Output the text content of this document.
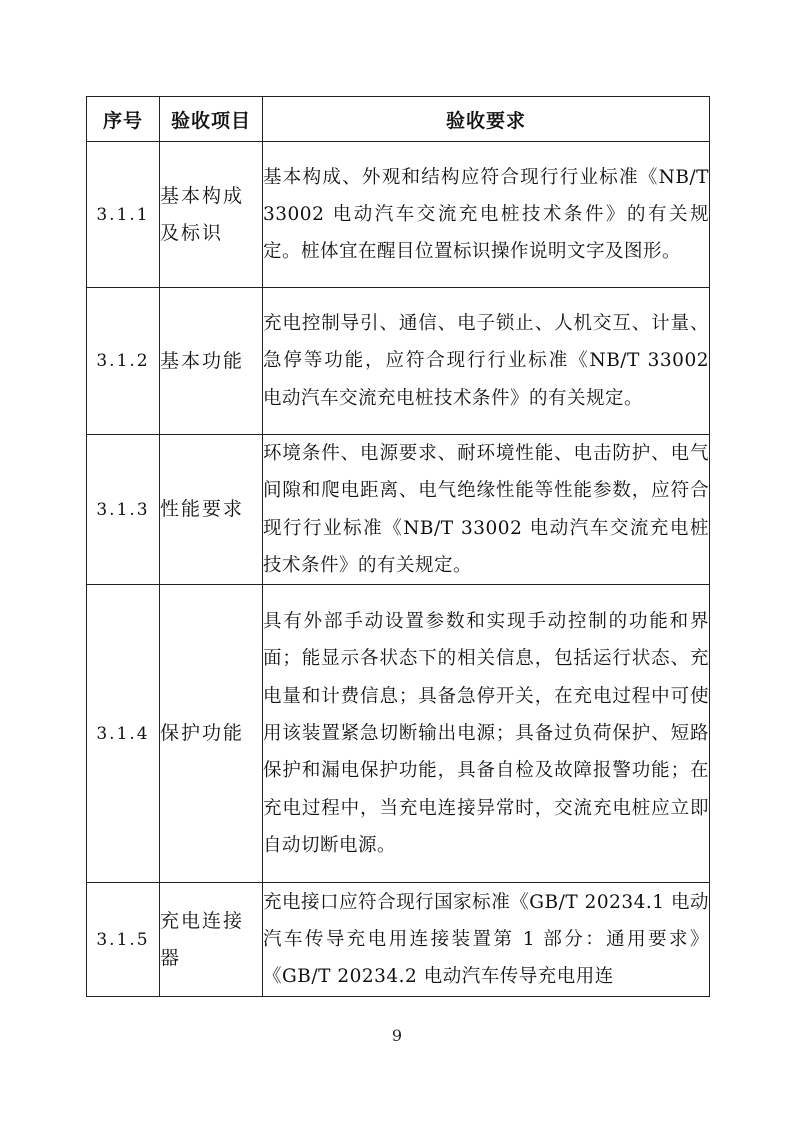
序号	验收项目	验收要求
3.1.1	基本构成及标识	基本构成、外观和结构应符合现行行业标准《NB/T 33002 电动汽车交流充电桩技术条件》的有关规定。桩体宜在醒目位置标识操作说明文字及图形。
3.1.2	基本功能	充电控制导引、通信、电子锁止、人机交互、计量、急停等功能，应符合现行行业标准《NB/T 33002 电动汽车交流充电桩技术条件》的有关规定。
3.1.3	性能要求	环境条件、电源要求、耐环境性能、电击防护、电气间隙和爬电距离、电气绝缘性能等性能参数，应符合现行行业标准《NB/T 33002 电动汽车交流充电桩技术条件》的有关规定。
3.1.4	保护功能	具有外部手动设置参数和实现手动控制的功能和界面；能显示各状态下的相关信息，包括运行状态、充电量和计费信息；具备急停开关，在充电过程中可使用该装置紧急切断输出电源；具备过负荷保护、短路保护和漏电保护功能，具备自检及故障报警功能；在充电过程中，当充电连接异常时，交流充电桩应立即自动切断电源。
3.1.5	充电连接器	充电接口应符合现行国家标准《GB/T 20234.1 电动汽车传导充电用连接装置第 1 部分：通用要求》《GB/T 20234.2 电动汽车传导充电用连
9
